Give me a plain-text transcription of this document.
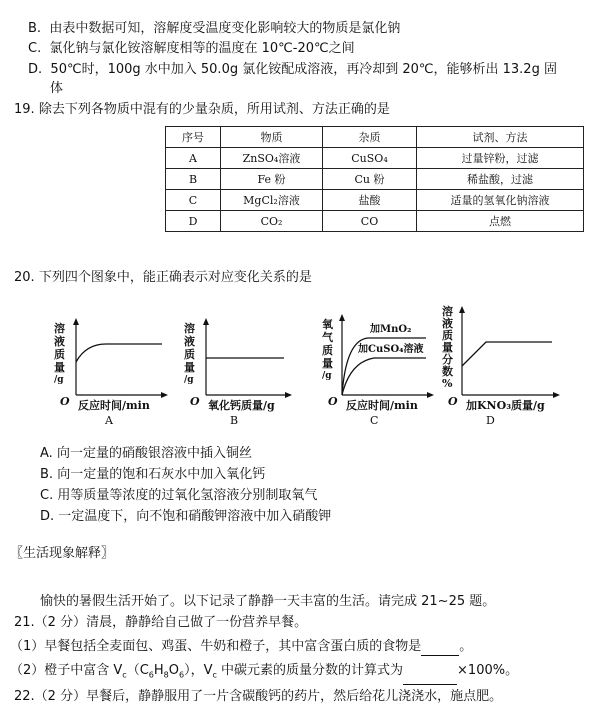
B. 由表中数据可知，溶解度受温度变化影响较大的物质是氯化钠
C. 氯化钠与氯化铵溶解度相等的温度在 10℃-20℃之间
D. 50℃时，100g 水中加入 50.0g 氯化铵配成溶液，再冷却到 20℃，能够析出 13.2g 固
体
19. 除去下列各物质中混有的少量杂质，所用试剂、方法正确的是
序号	物质	杂质	试剂、方法
A	ZnSO₄溶液	CuSO₄	过量锌粉，过滤
B	Fe 粉	Cu 粉	稀盐酸，过滤
C	MgCl₂溶液	盐酸	适量的氢氧化钠溶液
D	CO₂	CO	点燃
20. 下列四个图象中，能正确表示对应变化关系的是
溶
液
质
量
/g
O 反应时间/min
A
溶
液
质
量
/g
O 氧化钙质量/g
B
氧
气
质
量
/g
加MnO₂
加CuSO₄溶液
O 反应时间/min
C
溶
液
质
量
分
数
%
O 加KNO₃质量/g
D
A. 向一定量的硝酸银溶液中插入铜丝
B. 向一定量的饱和石灰水中加入氧化钙
C. 用等质量等浓度的过氧化氢溶液分别制取氧气
D. 一定温度下，向不饱和硝酸钾溶液中加入硝酸钾
〖生活现象解释〗
愉快的暑假生活开始了。以下记录了静静一天丰富的生活。请完成 21~25 题。
21.（2 分）清晨，静静给自己做了一份营养早餐。
（1）早餐包括全麦面包、鸡蛋、牛奶和橙子，其中富含蛋白质的食物是	。
（2）橙子中富含 $V_c(C_6H_8O_6)$，$V_c$ 中碳元素的质量分数的计算式为	×100%。
22.（2 分）早餐后，静静服用了一片含碳酸钙的药片，然后给花儿浇浇水，施点肥。
